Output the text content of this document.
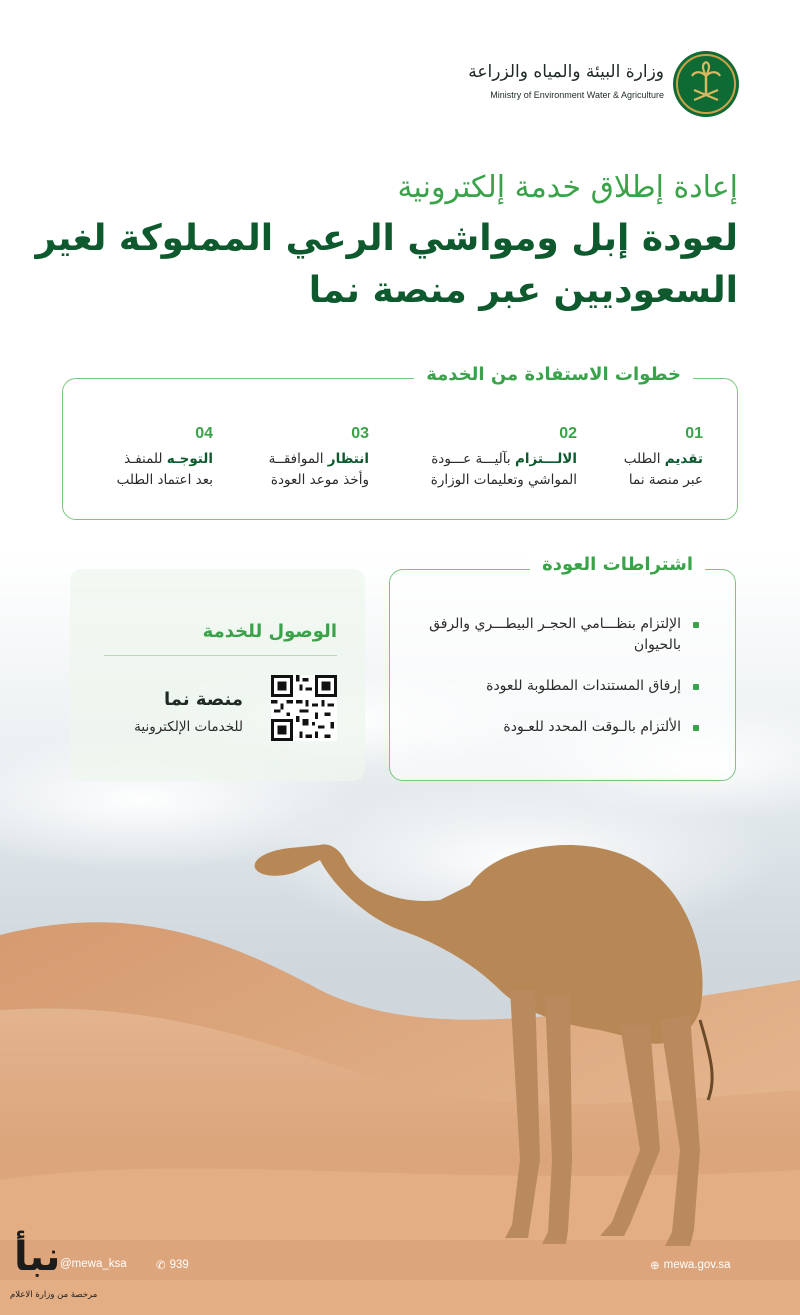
وزارة البيئة والمياه والزراعة
Ministry of Environment Water & Agriculture
إعادة إطلاق خدمة إلكترونية
لعودة إبل ومواشي الرعي المملوكة لغير
السعوديين عبر منصة نما
خطوات الاستفادة من الخدمة
01
تقديم الطلب
عبر منصة نما
02
الالـــتزام بآليـــة عـــودة
المواشي وتعليمات الوزارة
03
انتظار الموافقــة
وأخذ موعد العودة
04
التوجـه للمنفـذ
بعد اعتماد الطلب
اشتراطات العودة
الإلتزام بنظـــامي الحجـر البيطـــري والرفق بالحيوان
إرفاق المستندات المطلوبة للعودة
الألتزام بالـوقت المحدد للعـودة
الوصول للخدمة
منصة نما
للخدمات الإلكترونية
@mewa_ksa	✆ 939	⊕ mewa.gov.sa
نبأ
مرخصة من وزارة الاعلام
